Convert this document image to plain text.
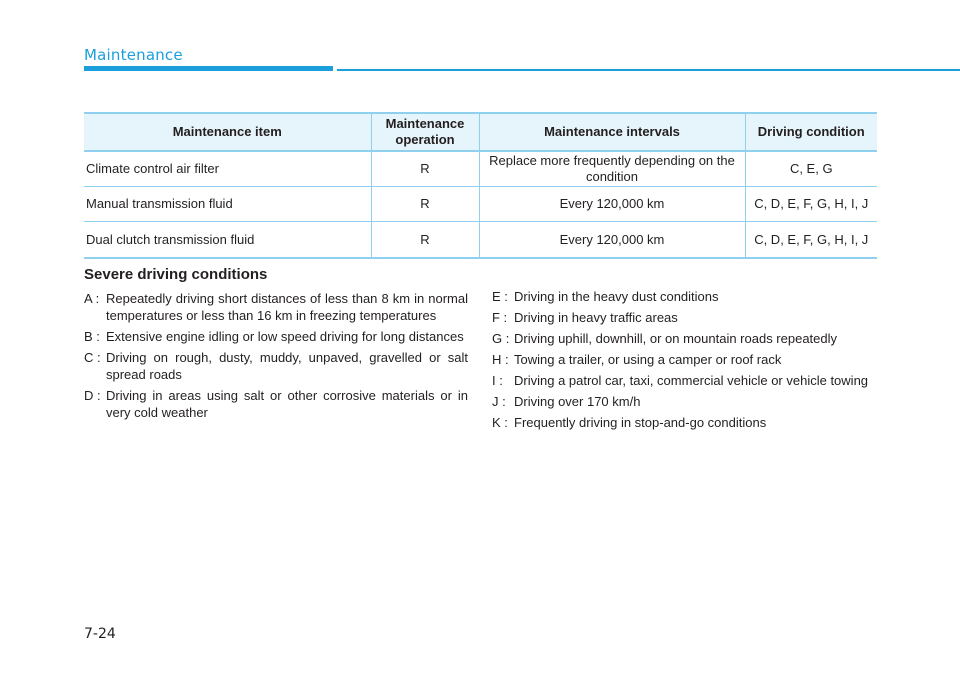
Maintenance
Maintenance item	Maintenance operation	Maintenance intervals	Driving condition
Climate control air filter	R	Replace more frequently depending on the condition	C, E, G
Manual transmission fluid	R	Every 120,000 km	C, D, E, F, G, H, I, J
Dual clutch transmission fluid	R	Every 120,000 km	C, D, E, F, G, H, I, J
Severe driving conditions
A : Repeatedly driving short distances of less than 8 km in normal temperatures or less than 16 km in freezing temperatures
B : Extensive engine idling or low speed driving for long distances
C : Driving on rough, dusty, muddy, unpaved, gravelled or salt spread roads
D : Driving in areas using salt or other corrosive materials or in very cold weather
E : Driving in the heavy dust conditions
F : Driving in heavy traffic areas
G : Driving uphill, downhill, or on mountain roads repeatedly
H : Towing a trailer, or using a camper or roof rack
I : Driving a patrol car, taxi, commercial vehicle or vehicle towing
J : Driving over 170 km/h
K : Frequently driving in stop-and-go conditions
7-24
